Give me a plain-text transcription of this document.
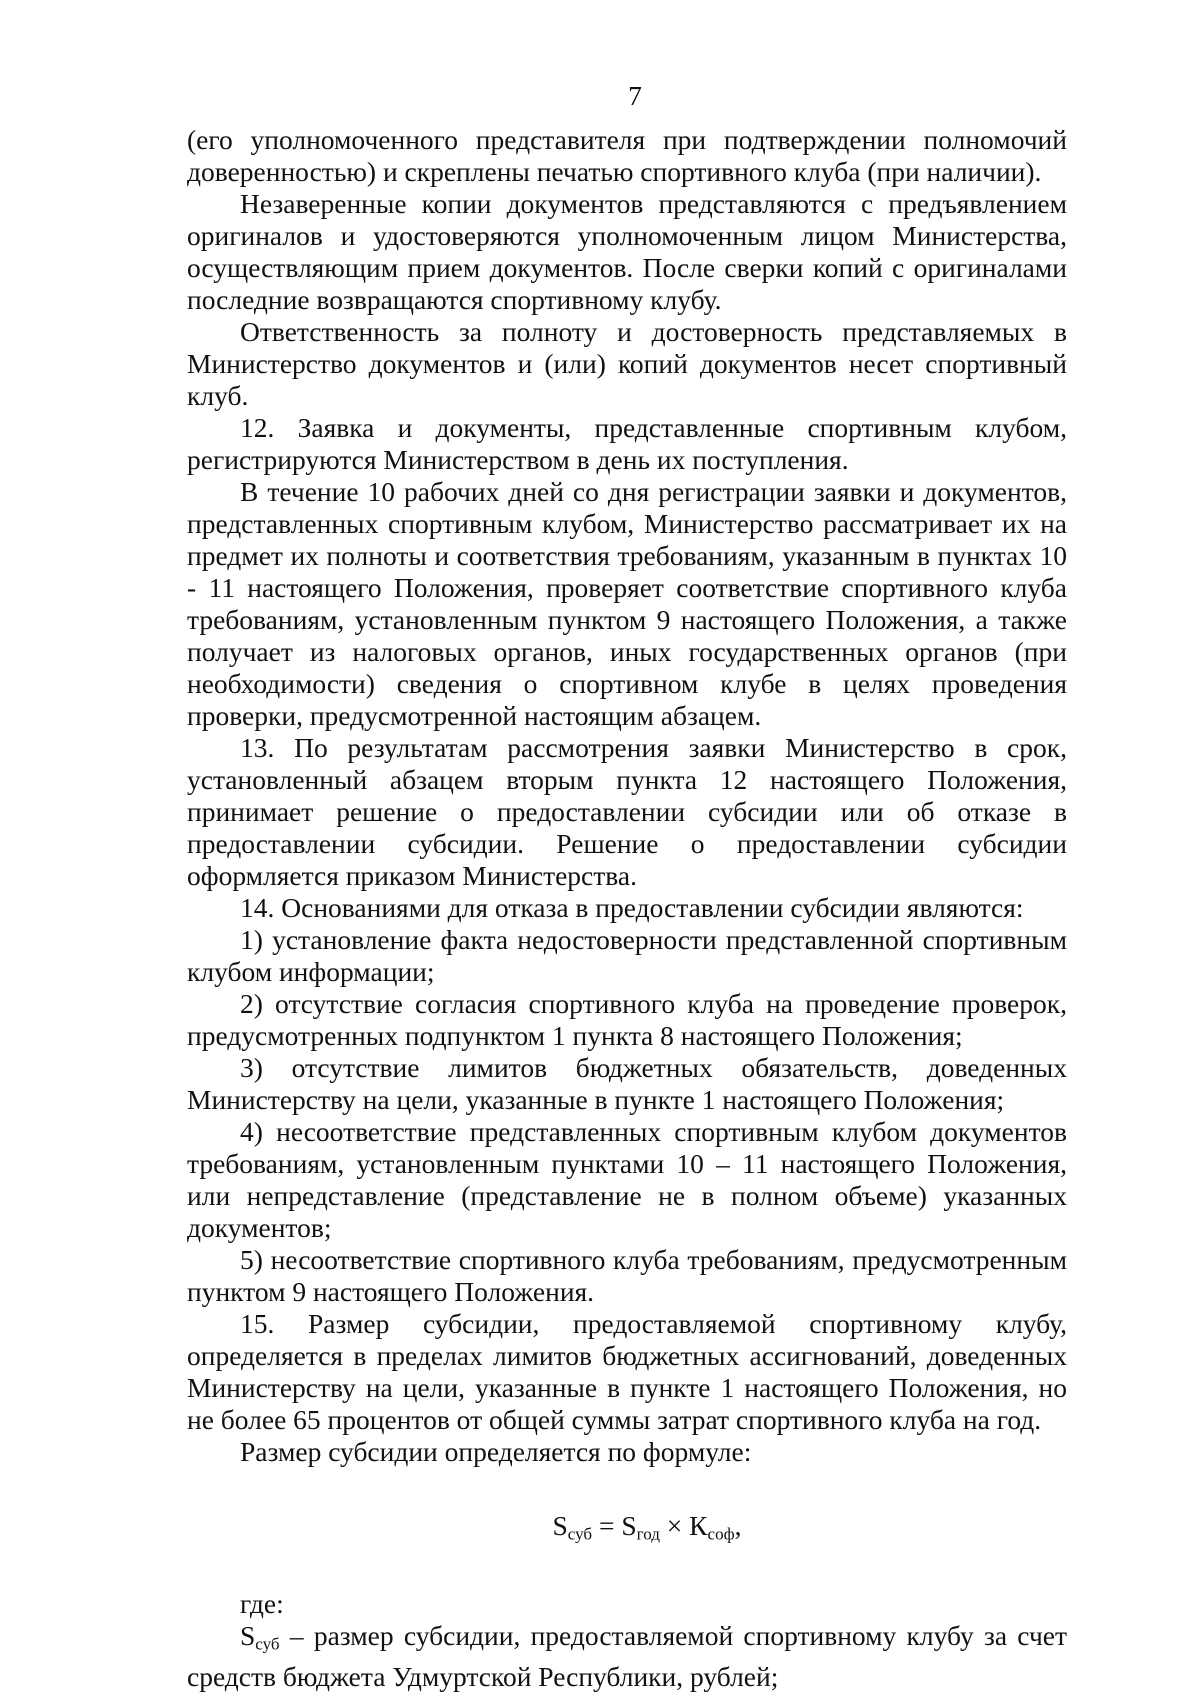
7

(его уполномоченного представителя при подтверждении полномочий доверенностью) и скреплены печатью спортивного клуба (при наличии).

Незаверенные копии документов представляются с предъявлением оригиналов и удостоверяются уполномоченным лицом Министерства, осуществляющим прием документов. После сверки копий с оригиналами последние возвращаются спортивному клубу.

Ответственность за полноту и достоверность представляемых в Министерство документов и (или) копий документов несет спортивный клуб.

12. Заявка и документы, представленные спортивным клубом, регистрируются Министерством в день их поступления.

В течение 10 рабочих дней со дня регистрации заявки и документов, представленных спортивным клубом, Министерство рассматривает их на предмет их полноты и соответствия требованиям, указанным в пунктах 10 - 11 настоящего Положения, проверяет соответствие спортивного клуба требованиям, установленным пунктом 9 настоящего Положения, а также получает из налоговых органов, иных государственных органов (при необходимости) сведения о спортивном клубе в целях проведения проверки, предусмотренной настоящим абзацем.

13. По результатам рассмотрения заявки Министерство в срок, установленный абзацем вторым пункта 12 настоящего Положения, принимает решение о предоставлении субсидии или об отказе в предоставлении субсидии. Решение о предоставлении субсидии оформляется приказом Министерства.

14. Основаниями для отказа в предоставлении субсидии являются:

1) установление факта недостоверности представленной спортивным клубом информации;

2) отсутствие согласия спортивного клуба на проведение проверок, предусмотренных подпунктом 1 пункта 8 настоящего Положения;

3) отсутствие лимитов бюджетных обязательств, доведенных Министерству на цели, указанные в пункте 1 настоящего Положения;

4) несоответствие представленных спортивным клубом документов требованиям, установленным пунктами 10 – 11 настоящего Положения, или непредставление (представление не в полном объеме) указанных документов;

5) несоответствие спортивного клуба требованиям, предусмотренным пунктом 9 настоящего Положения.

15. Размер субсидии, предоставляемой спортивному клубу, определяется в пределах лимитов бюджетных ассигнований, доведенных Министерству на цели, указанные в пункте 1 настоящего Положения, но не более 65 процентов от общей суммы затрат спортивного клуба на год.

Размер субсидии определяется по формуле:

$S_{суб} = S_{год} \times К_{соф}$,

где:

$S_{суб}$ – размер субсидии, предоставляемой спортивному клубу за счет средств бюджета Удмуртской Республики, рублей;
